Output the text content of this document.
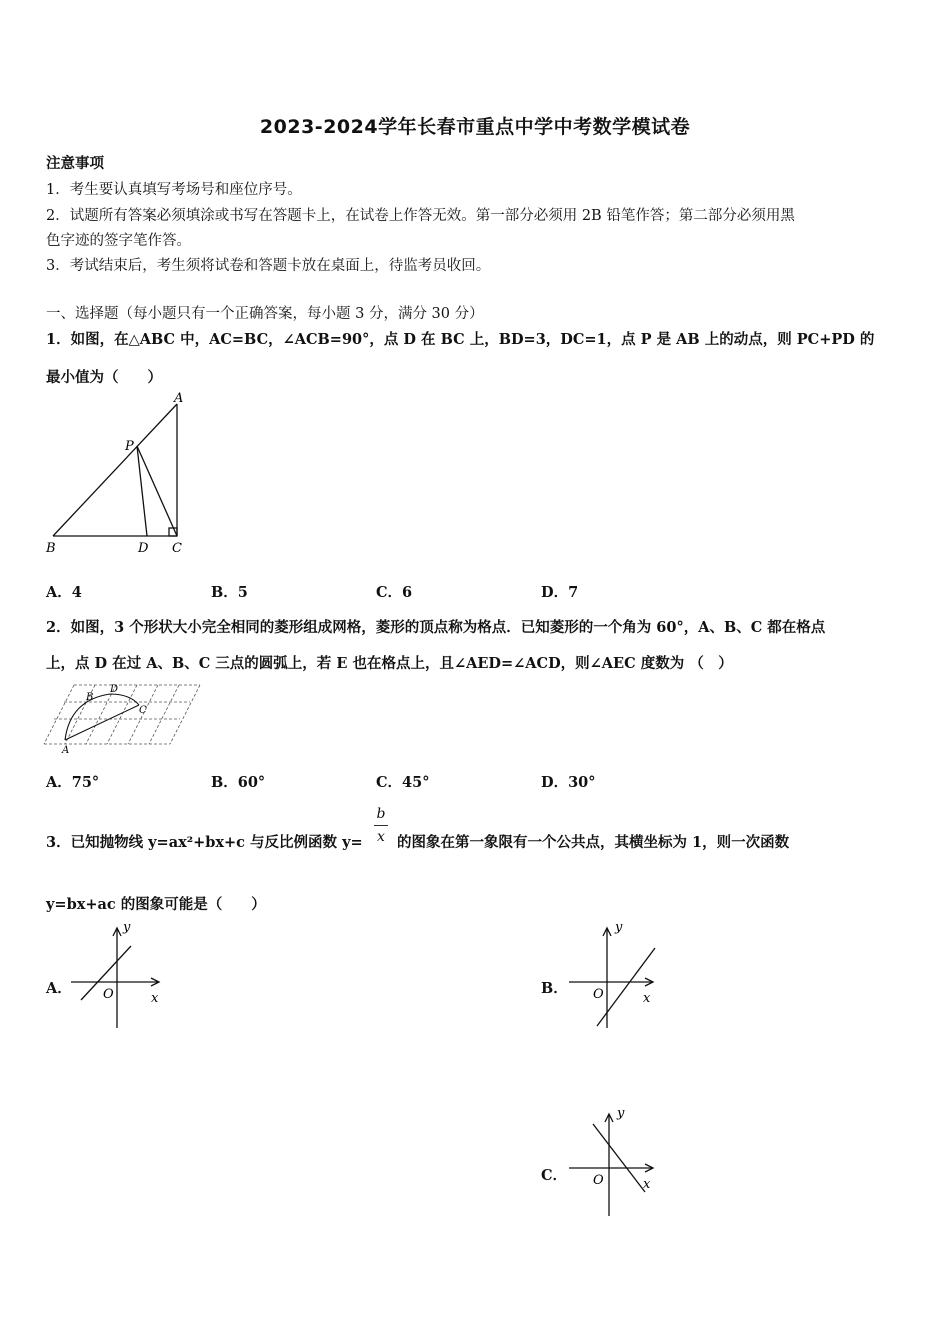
2023-2024学年长春市重点中学中考数学模试卷
注意事项
1．考生要认真填写考场号和座位序号。
2．试题所有答案必须填涂或书写在答题卡上，在试卷上作答无效。第一部分必须用 2B 铅笔作答；第二部分必须用黑
色字迹的签字笔作答。
3．考试结束后，考生须将试卷和答题卡放在桌面上，待监考员收回。
一、选择题（每小题只有一个正确答案，每小题 3 分，满分 30 分）
1．如图，在△ABC 中，AC=BC，∠ACB=90°，点 D 在 BC 上，BD=3，DC=1，点 P 是 AB 上的动点，则 PC+PD 的
最小值为（　　）
A
P
B	D C
A．4	B．5	C．6	D．7
2．如图，3 个形状大小完全相同的菱形组成网格，菱形的顶点称为格点．已知菱形的一个角为 60°，A、B、C 都在格点
上，点 D 在过 A、B、C 三点的圆弧上，若 E 也在格点上，且∠AED=∠ACD，则∠AEC 度数为 （　）
B
D
C
A
A．75°	B．60°	C．45°	D．30°
3．已知抛物线 y=ax²+bx+c 与反比例函数 y=
b
x 的图象在第一象限有一个公共点，其横坐标为 1，则一次函数
y=bx+ac 的图象可能是（　　）
A． O	x
y
B． O	x
y
C． O	x
y
